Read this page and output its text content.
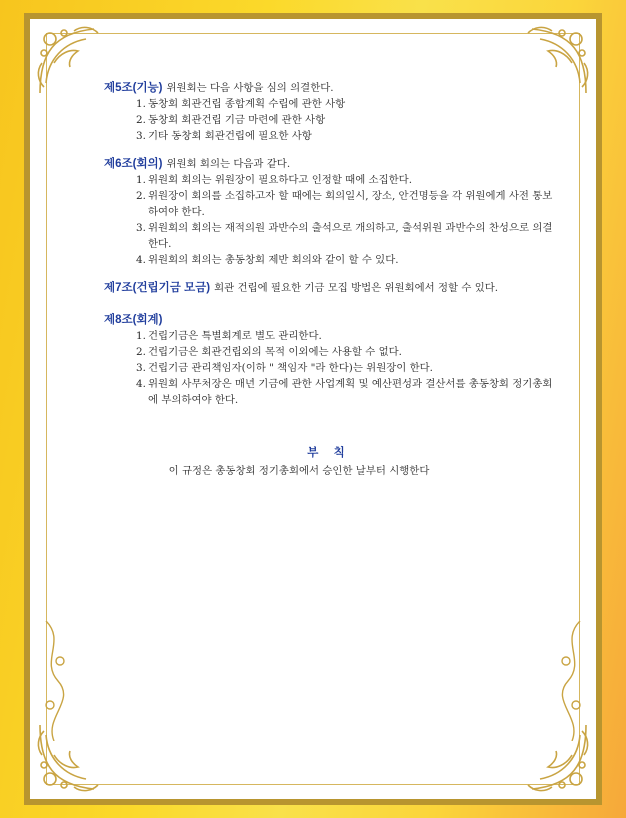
제5조(기능) 위원회는 다음 사항을 심의 의결한다.
1. 동창회 회관건립 종합계획 수립에 관한 사항
2. 동창회 회관건립 기금 마련에 관한 사항
3. 기타 동창회 회관건립에 필요한 사항
제6조(회의) 위원회 회의는 다음과 같다.
1. 위원회 회의는 위원장이 필요하다고 인정할 때에 소집한다.
2. 위원장이 회의를 소집하고자 할 때에는 회의일시, 장소, 안건명등을 각 위원에게 사전 통보 하여야 한다.
3. 위원회의 회의는 재적의원 과반수의 출석으로 개의하고, 출석위원 과반수의 찬성으로 의결한다.
4. 위원회의 회의는 총동창회 제반 회의와 같이 할 수 있다.
제7조(건립기금 모금) 회관 건립에 필요한 기금 모집 방법은 위원회에서 정할 수 있다.
제8조(회계)
1. 건립기금은 특별회계로 별도 관리한다.
2. 건립기금은 회관건립외의 목적 이외에는 사용할 수 없다.
3. 건립기금 관리책임자(이하 " 책임자 "라 한다)는 위원장이 한다.
4. 위원회 사무처장은 매년 기금에 관한 사업계획 및 예산편성과 결산서를 총동창회 정기총회에 부의하여야 한다.
부 칙
이 규정은 총동창회 정기총회에서 승인한 날부터 시행한다
